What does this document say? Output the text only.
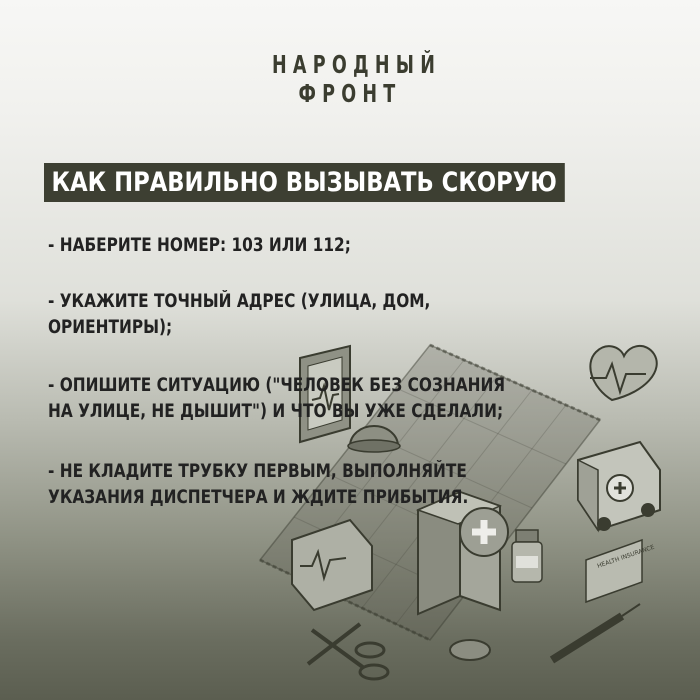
HEALTH INSURANCE
НАРОДНЫЙ
ФРОНТ
КАК ПРАВИЛЬНО ВЫЗЫВАТЬ СКОРУЮ
- НАБЕРИТЕ НОМЕР: 103 ИЛИ 112;
- УКАЖИТЕ ТОЧНЫЙ АДРЕС (УЛИЦА, ДОМ,
ОРИЕНТИРЫ);
- ОПИШИТЕ СИТУАЦИЮ ("ЧЕЛОВЕК БЕЗ СОЗНАНИЯ
НА УЛИЦЕ, НЕ ДЫШИТ") И ЧТО ВЫ УЖЕ СДЕЛАЛИ;
- НЕ КЛАДИТЕ ТРУБКУ ПЕРВЫМ, ВЫПОЛНЯЙТЕ
УКАЗАНИЯ ДИСПЕТЧЕРА И ЖДИТЕ ПРИБЫТИЯ.
